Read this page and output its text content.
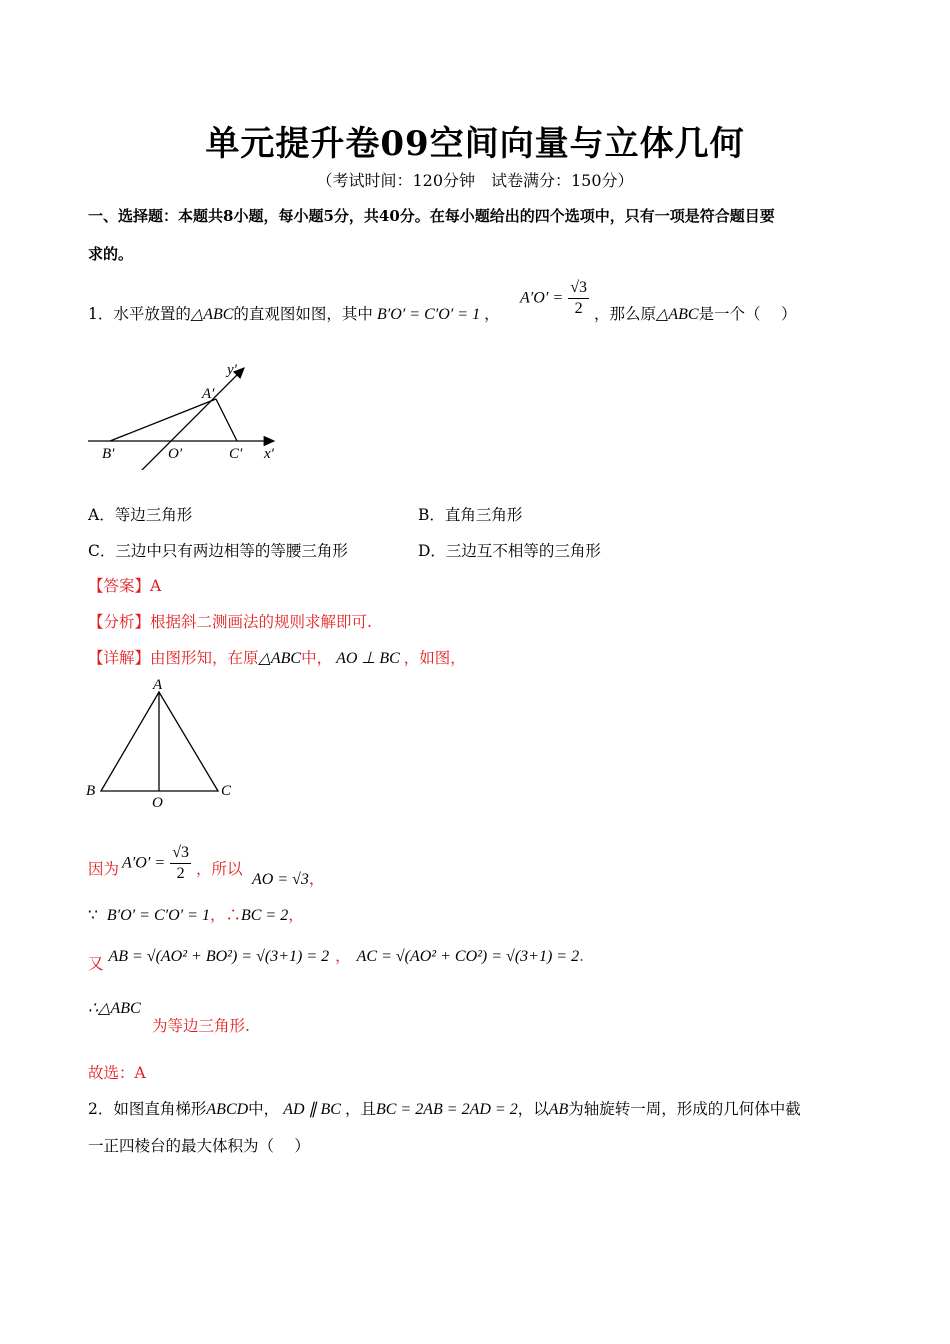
单元提升卷09空间向量与立体几何
（考试时间：120分钟　试卷满分：150分）
一、选择题：本题共8小题，每小题5分，共40分。在每小题给出的四个选项中，只有一项是符合题目要
求的。
1．水平放置的△ABC的直观图如图，其中 B′O′ = C′O′ = 1 ，
$A'O' = \frac{√3}{2}$ ，那么原△ABC是一个（　 ）
y′
A′
B′	O′	C′ x′
A．等边三角形	B．直角三角形
C．三边中只有两边相等的等腰三角形	D．三边互不相等的三角形
【答案】A
【分析】根据斜二测画法的规则求解即可.
【详解】由图形知，在原△ABC中， AO ⊥ BC ，如图，
A
B
O
C
因为 $A'O' = \frac{√3}{2}$ ，所以
AO = √3，
∵ B′O′ = C′O′ = 1，∴BC = 2，
又 AB = √(AO² + BO²) = √(3+1) = 2 ， AC = √(AO² + CO²) = √(3+1) = 2.
∴△ABC
为等边三角形.
故选：A
2．如图直角梯形ABCD中， AD ∥ BC ，且BC = 2AB = 2AD = 2，以AB为轴旋转一周，形成的几何体中截
一正四棱台的最大体积为（　 ）
